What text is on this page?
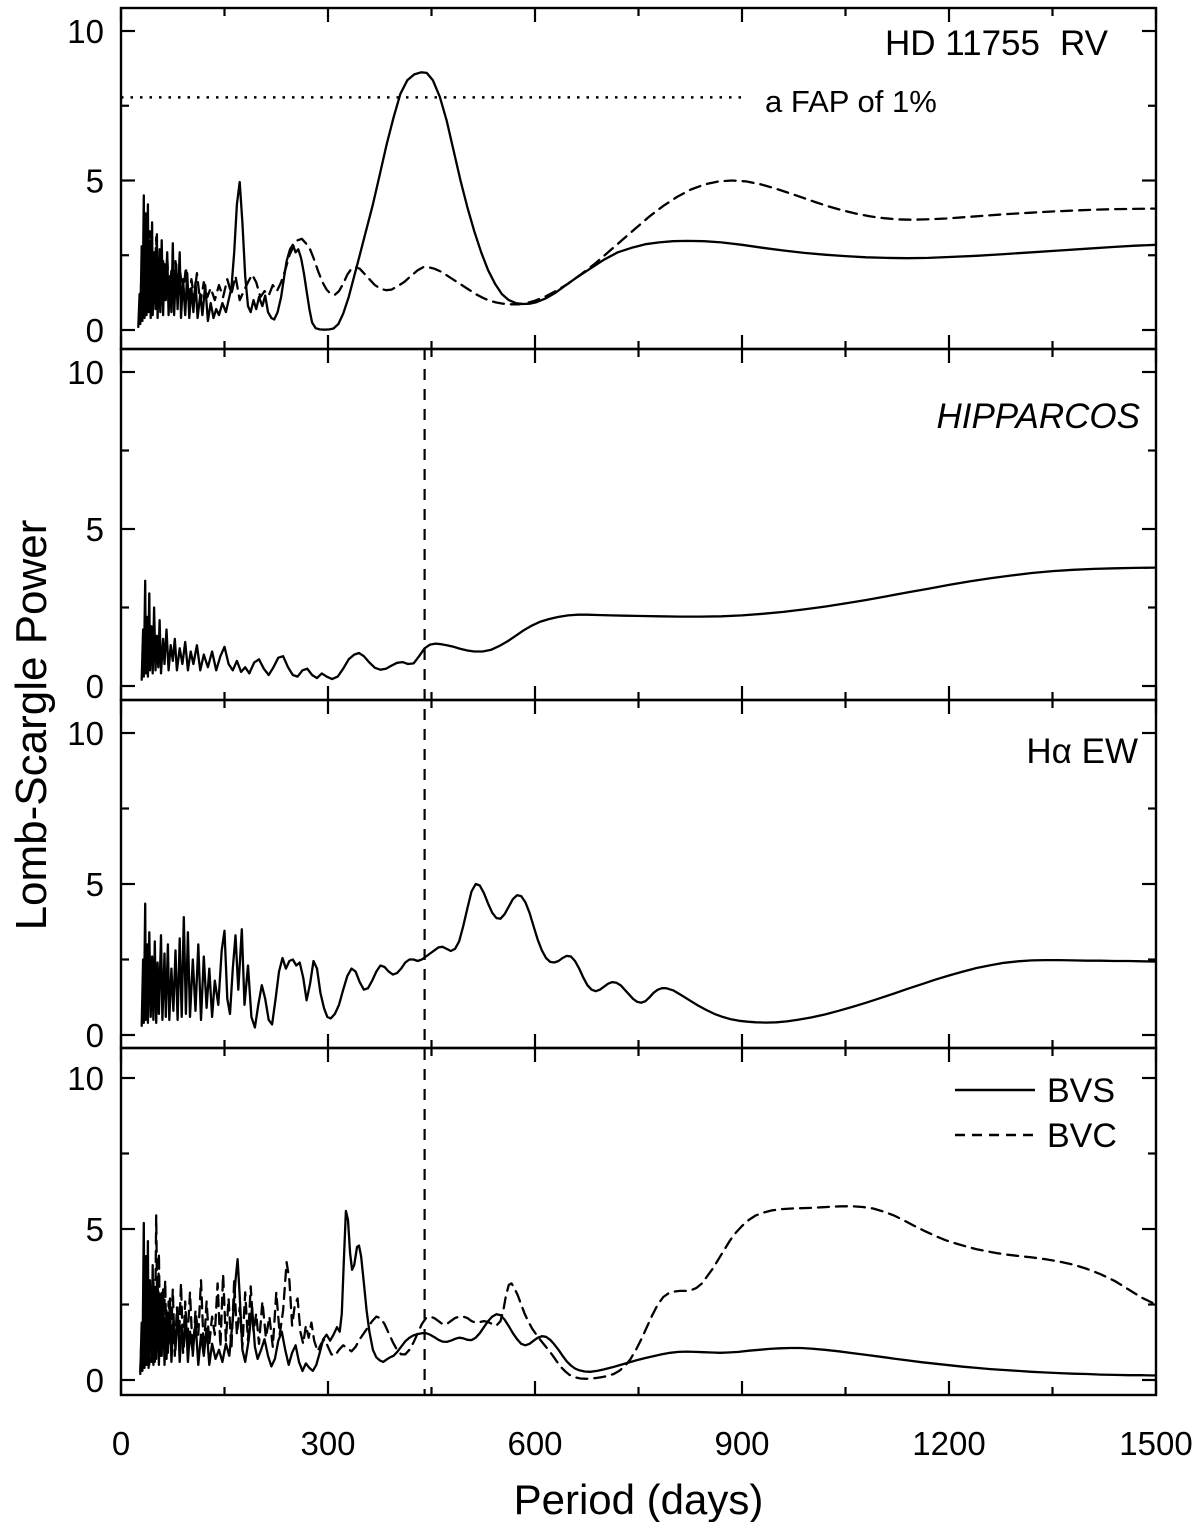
0
5
10
0
5
10
0
5
10
0
5
10
a FAP of 1%
HD 11755 RV
HIPPARCOS
Hα EW
BVS
BVC
0	300	600	900	1200	1500
Period (days)
Lomb-Scargle Power
